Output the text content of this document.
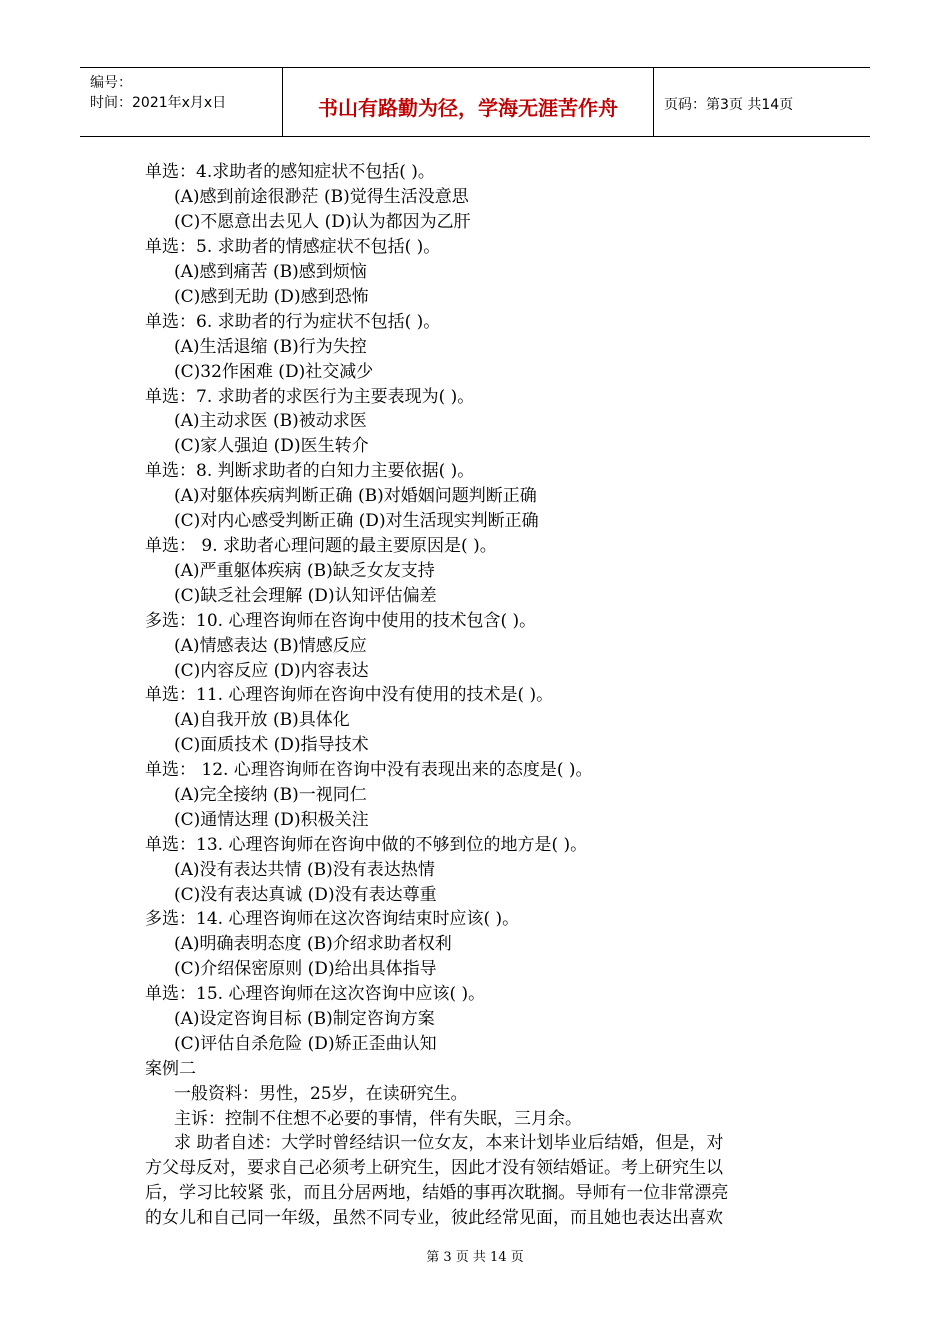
编号：
时间：2021年x月x日	书山有路勤为径，学海无涯苦作舟	页码：第3页 共14页
单选：4.求助者的感知症状不包括( )。
(A)感到前途很渺茫 (B)觉得生活没意思
(C)不愿意出去见人 (D)认为都因为乙肝
单选：5. 求助者的情感症状不包括( )。
(A)感到痛苦 (B)感到烦恼
(C)感到无助 (D)感到恐怖
单选：6. 求助者的行为症状不包括( )。
(A)生活退缩 (B)行为失控
(C)32作困难 (D)社交减少
单选：7. 求助者的求医行为主要表现为( )。
(A)主动求医 (B)被动求医
(C)家人强迫 (D)医生转介
单选：8. 判断求助者的白知力主要依据( )。
(A)对躯体疾病判断正确 (B)对婚姻问题判断正确
(C)对内心感受判断正确 (D)对生活现实判断正确
单选： 9. 求助者心理问题的最主要原因是( )。
(A)严重躯体疾病 (B)缺乏女友支持
(C)缺乏社会理解 (D)认知评估偏差
多选：10. 心理咨询师在咨询中使用的技术包含( )。
(A)情感表达 (B)情感反应
(C)内容反应 (D)内容表达
单选：11. 心理咨询师在咨询中没有使用的技术是( )。
(A)自我开放 (B)具体化
(C)面质技术 (D)指导技术
单选： 12. 心理咨询师在咨询中没有表现出来的态度是( )。
(A)完全接纳 (B)一视同仁
(C)通情达理 (D)积极关注
单选：13. 心理咨询师在咨询中做的不够到位的地方是( )。
(A)没有表达共情 (B)没有表达热情
(C)没有表达真诚 (D)没有表达尊重
多选：14. 心理咨询师在这次咨询结束时应该( )。
(A)明确表明态度 (B)介绍求助者权利
(C)介绍保密原则 (D)给出具体指导
单选：15. 心理咨询师在这次咨询中应该( )。
(A)设定咨询目标 (B)制定咨询方案
(C)评估自杀危险 (D)矫正歪曲认知
案例二
一般资料：男性，25岁，在读研究生。
主诉：控制不住想不必要的事情，伴有失眠，三月余。
求 助者自述：大学时曾经结识一位女友，本来计划毕业后结婚，但是，对
方父母反对，要求自己必须考上研究生，因此才没有领结婚证。考上研究生以
后，学习比较紧 张，而且分居两地，结婚的事再次耽搁。导师有一位非常漂亮
的女儿和自己同一年级，虽然不同专业，彼此经常见面，而且她也表达出喜欢
第 3 页 共 14 页
